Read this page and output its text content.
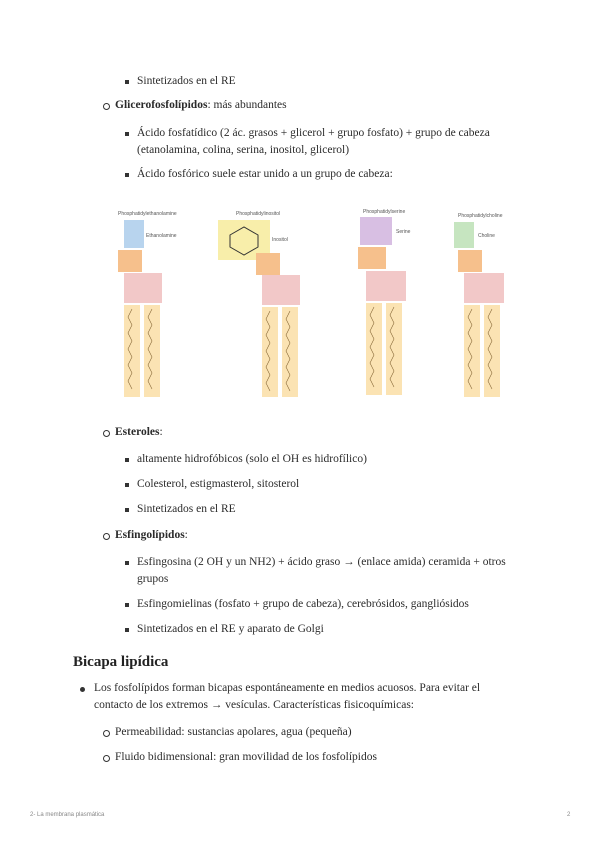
Sintetizados en el RE
Glicerofosfolípidos: más abundantes
Ácido fosfatídico (2 ác. grasos + glicerol + grupo fosfato) + grupo de cabeza
(etanolamina, colina, serina, inositol, glicerol)
Ácido fosfórico suele estar unido a un grupo de cabeza:
Phosphatidylethanolamine
Ethanolamine
Phosphatidylinositol
Inositol
Phosphatidylserine
Serine
Phosphatidylcholine
Choline
Esteroles:
altamente hidrofóbicos (solo el OH es hidrofílico)
Colesterol, estigmasterol, sitosterol
Sintetizados en el RE
Esfingolípidos:
Esfingosina (2 OH y un NH2) + ácido graso → (enlace amida) ceramida + otros
grupos
Esfingomielinas (fosfato + grupo de cabeza), cerebrósidos, gangliósidos
Sintetizados en el RE y aparato de Golgi
Bicapa lipídica
Los fosfolípidos forman bicapas espontáneamente en medios acuosos. Para evitar el
contacto de los extremos → vesículas. Características fisicoquímicas:
Permeabilidad: sustancias apolares, agua (pequeña)
Fluido bidimensional: gran movilidad de los fosfolípidos
2- La membrana plasmática	2
